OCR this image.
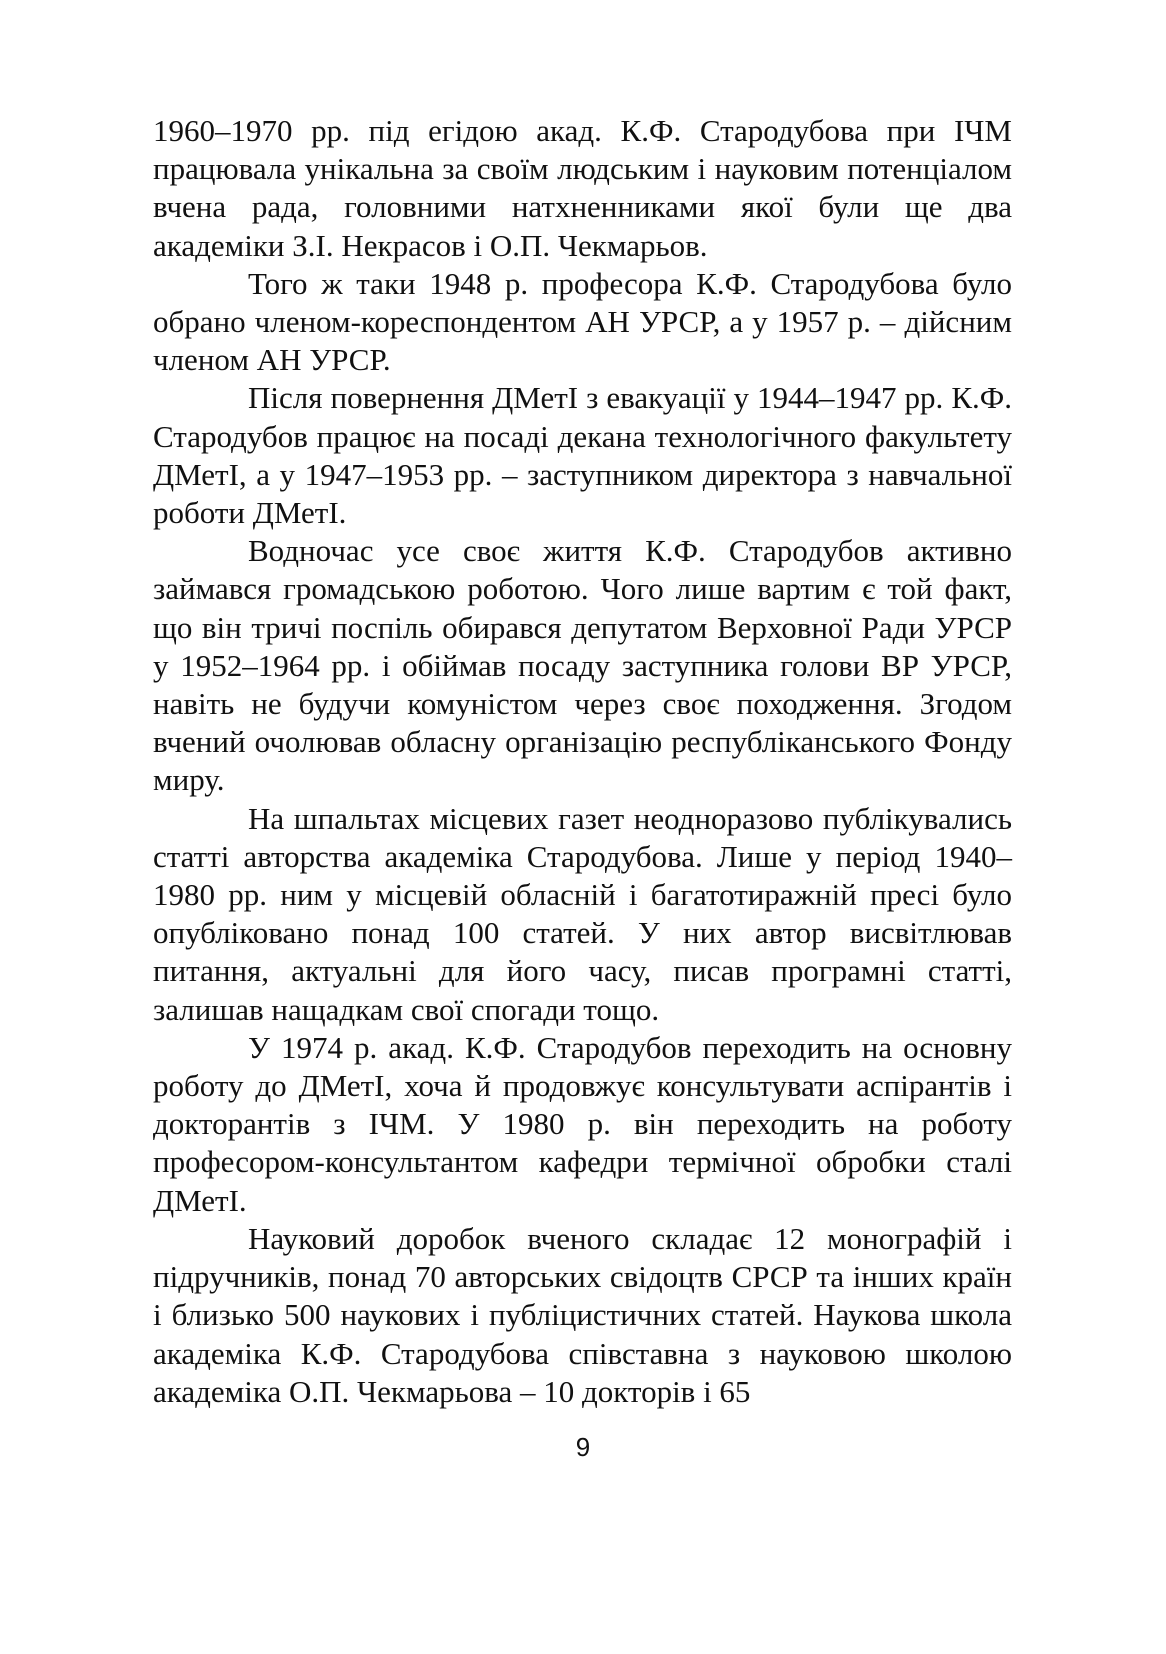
1960–1970 рр. під егідою акад. К.Ф. Стародубова при ІЧМ працювала унікальна за своїм людським і науковим потенціалом вчена рада, головними натхненниками якої були ще два академіки З.І. Некрасов і О.П. Чекмарьов.

Того ж таки 1948 р. професора К.Ф. Стародубова було обрано членом-кореспондентом АН УРСР, а у 1957 р. – дійсним членом АН УРСР.

Після повернення ДМетІ з евакуації у 1944–1947 рр. К.Ф. Стародубов працює на посаді декана технологічного факультету ДМетІ, а у 1947–1953 рр. – заступником директора з навчальної роботи ДМетІ.

Водночас усе своє життя К.Ф. Стародубов активно займався громадською роботою. Чого лише вартим є той факт, що він тричі поспіль обирався депутатом Верховної Ради УРСР у 1952–1964 рр. і обіймав посаду заступника голови ВР УРСР, навіть не будучи комуністом через своє походження. Згодом вчений очолював обласну організацію республіканського Фонду миру.

На шпальтах місцевих газет неодноразово публікувались статті авторства академіка Стародубова. Лише у період 1940–1980 рр. ним у місцевій обласній і багатотиражній пресі було опубліковано понад 100 статей. У них автор висвітлював питання, актуальні для його часу, писав програмні статті, залишав нащадкам свої спогади тощо.

У 1974 р. акад. К.Ф. Стародубов переходить на основну роботу до ДМетІ, хоча й продовжує консультувати аспірантів і докторантів з ІЧМ. У 1980 р. він переходить на роботу професором-консультантом кафедри термічної обробки сталі ДМетІ.

Науковий доробок вченого складає 12 монографій і підручників, понад 70 авторських свідоцтв СРСР та інших країн і близько 500 наукових і публіцистичних статей. Наукова школа академіка К.Ф. Стародубова співставна з науковою школою академіка О.П. Чекмарьова – 10 докторів і 65

9
